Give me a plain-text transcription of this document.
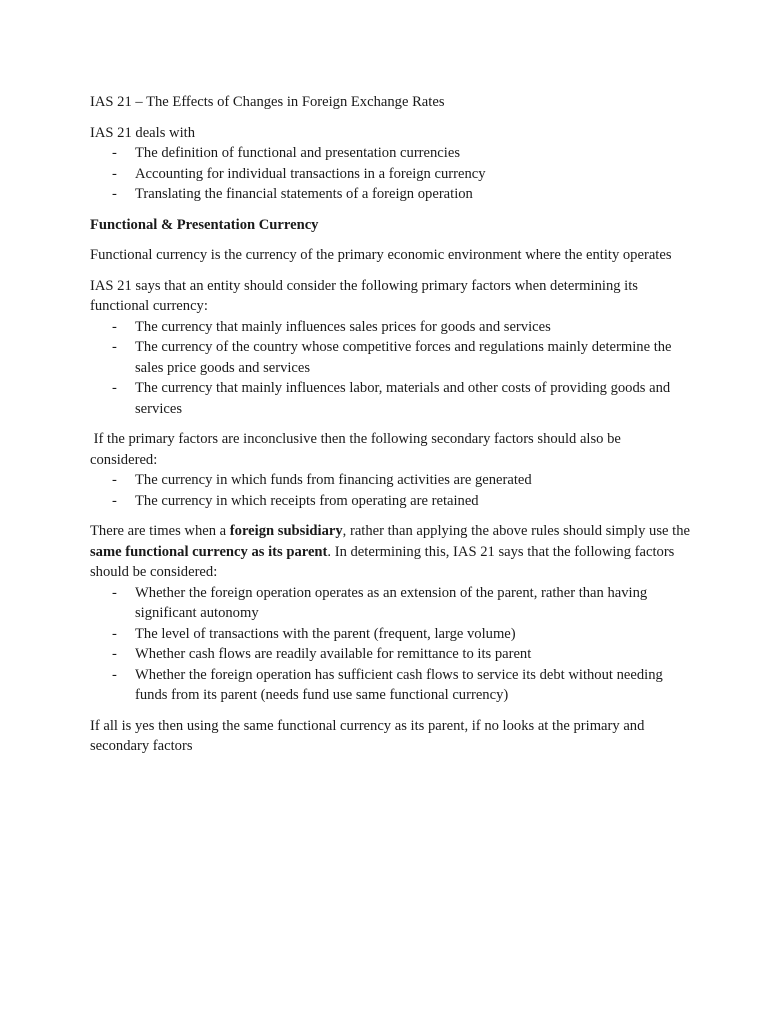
IAS 21 – The Effects of Changes in Foreign Exchange Rates

IAS 21 deals with

- The definition of functional and presentation currencies
- Accounting for individual transactions in a foreign currency
- Translating the financial statements of a foreign operation

Functional & Presentation Currency

Functional currency is the currency of the primary economic environment where the entity operates

IAS 21 says that an entity should consider the following primary factors when determining its functional currency:

- The currency that mainly influences sales prices for goods and services
- The currency of the country whose competitive forces and regulations mainly determine the sales price goods and services
- The currency that mainly influences labor, materials and other costs of providing goods and services

If the primary factors are inconclusive then the following secondary factors should also be considered:

- The currency in which funds from financing activities are generated
- The currency in which receipts from operating are retained

There are times when a foreign subsidiary, rather than applying the above rules should simply use the same functional currency as its parent. In determining this, IAS 21 says that the following factors should be considered:

- Whether the foreign operation operates as an extension of the parent, rather than having significant autonomy
- The level of transactions with the parent (frequent, large volume)
- Whether cash flows are readily available for remittance to its parent
- Whether the foreign operation has sufficient cash flows to service its debt without needing funds from its parent (needs fund use same functional currency)

If all is yes then using the same functional currency as its parent, if no looks at the primary and secondary factors
